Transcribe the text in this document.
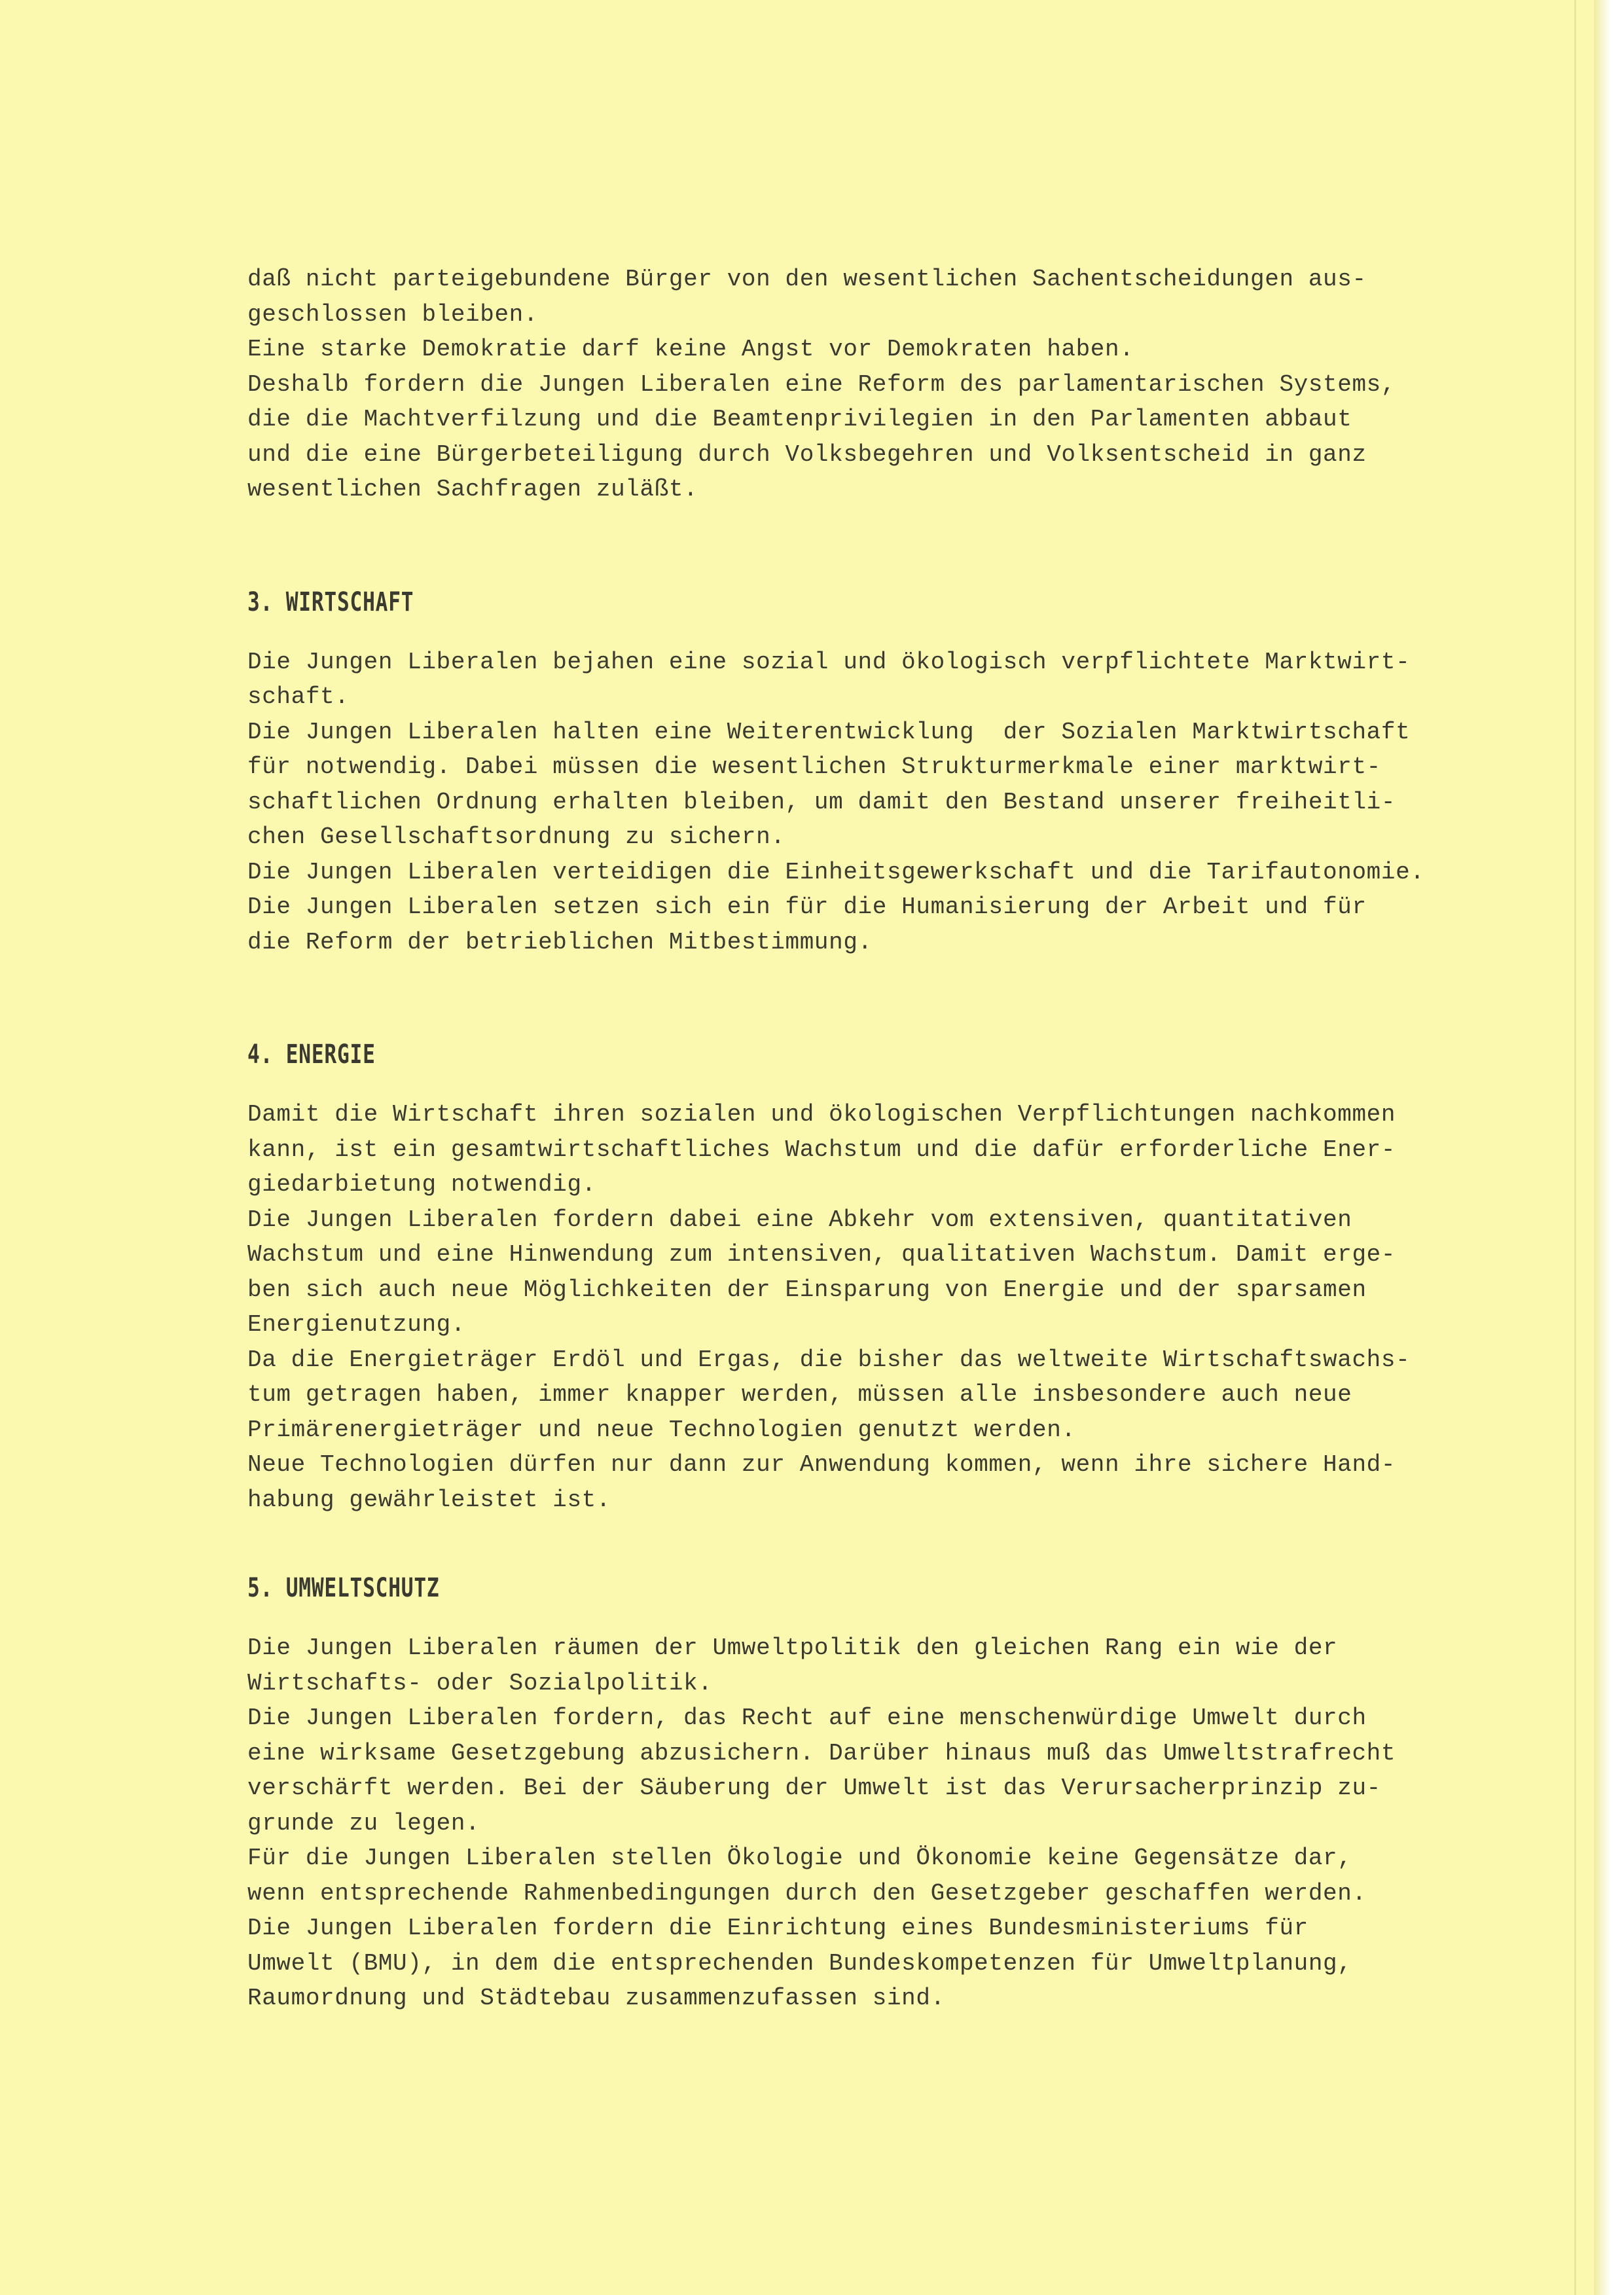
daß nicht parteigebundene Bürger von den wesentlichen Sachentscheidungen aus-

geschlossen bleiben.

Eine starke Demokratie darf keine Angst vor Demokraten haben.

Deshalb fordern die Jungen Liberalen eine Reform des parlamentarischen Systems,

die die Machtverfilzung und die Beamtenprivilegien in den Parlamenten abbaut

und die eine Bürgerbeteiligung durch Volksbegehren und Volksentscheid in ganz

wesentlichen Sachfragen zuläßt.

3. WIRTSCHAFT

Die Jungen Liberalen bejahen eine sozial und ökologisch verpflichtete Marktwirt-

schaft.

Die Jungen Liberalen halten eine Weiterentwicklung  der Sozialen Marktwirtschaft

für notwendig. Dabei müssen die wesentlichen Strukturmerkmale einer marktwirt-

schaftlichen Ordnung erhalten bleiben, um damit den Bestand unserer freiheitli-

chen Gesellschaftsordnung zu sichern.

Die Jungen Liberalen verteidigen die Einheitsgewerkschaft und die Tarifautonomie.

Die Jungen Liberalen setzen sich ein für die Humanisierung der Arbeit und für

die Reform der betrieblichen Mitbestimmung.

4. ENERGIE

Damit die Wirtschaft ihren sozialen und ökologischen Verpflichtungen nachkommen

kann, ist ein gesamtwirtschaftliches Wachstum und die dafür erforderliche Ener-

giedarbietung notwendig.

Die Jungen Liberalen fordern dabei eine Abkehr vom extensiven, quantitativen

Wachstum und eine Hinwendung zum intensiven, qualitativen Wachstum. Damit erge-

ben sich auch neue Möglichkeiten der Einsparung von Energie und der sparsamen

Energienutzung.

Da die Energieträger Erdöl und Ergas, die bisher das weltweite Wirtschaftswachs-

tum getragen haben, immer knapper werden, müssen alle insbesondere auch neue

Primärenergieträger und neue Technologien genutzt werden.

Neue Technologien dürfen nur dann zur Anwendung kommen, wenn ihre sichere Hand-

habung gewährleistet ist.

5. UMWELTSCHUTZ

Die Jungen Liberalen räumen der Umweltpolitik den gleichen Rang ein wie der

Wirtschafts- oder Sozialpolitik.

Die Jungen Liberalen fordern, das Recht auf eine menschenwürdige Umwelt durch

eine wirksame Gesetzgebung abzusichern. Darüber hinaus muß das Umweltstrafrecht

verschärft werden. Bei der Säuberung der Umwelt ist das Verursacherprinzip zu-

grunde zu legen.

Für die Jungen Liberalen stellen Ökologie und Ökonomie keine Gegensätze dar,

wenn entsprechende Rahmenbedingungen durch den Gesetzgeber geschaffen werden.

Die Jungen Liberalen fordern die Einrichtung eines Bundesministeriums für

Umwelt (BMU), in dem die entsprechenden Bundeskompetenzen für Umweltplanung,

Raumordnung und Städtebau zusammenzufassen sind.
